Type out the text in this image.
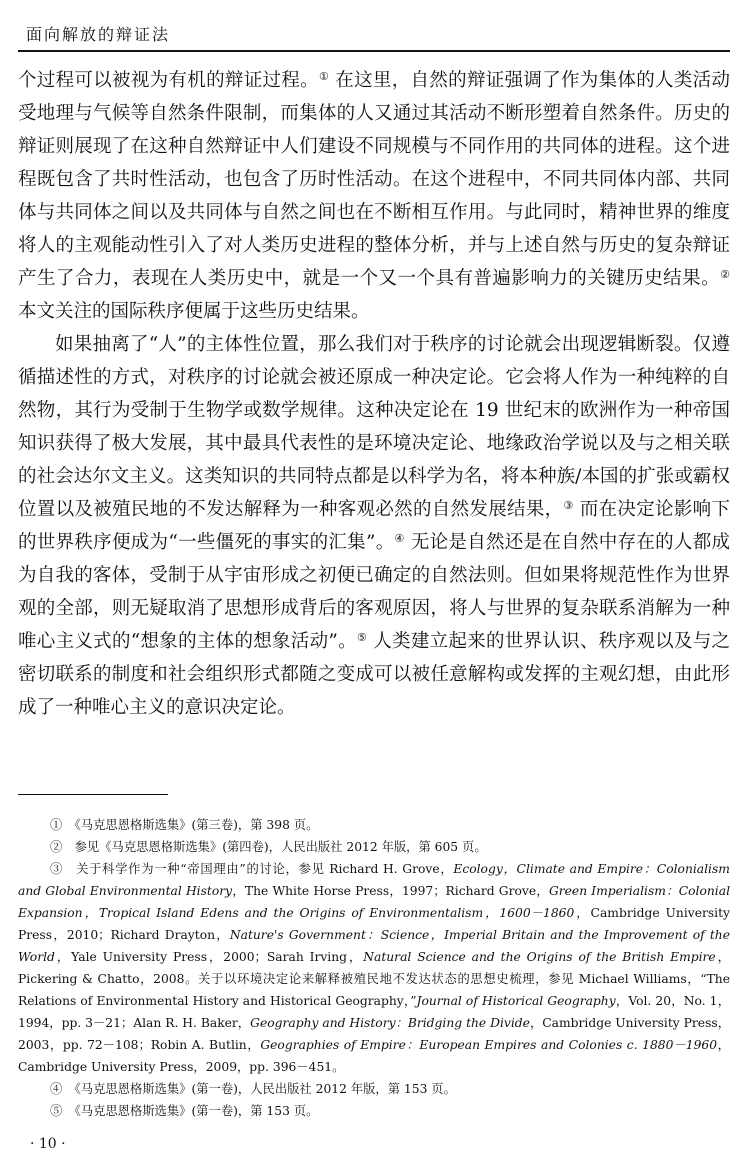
面向解放的辩证法

个过程可以被视为有机的辩证过程。① 在这里，自然的辩证强调了作为集体的人类活动受地理与气候等自然条件限制，而集体的人又通过其活动不断形塑着自然条件。历史的辩证则展现了在这种自然辩证中人们建设不同规模与不同作用的共同体的进程。这个进程既包含了共时性活动，也包含了历时性活动。在这个进程中，不同共同体内部、共同体与共同体之间以及共同体与自然之间也在不断相互作用。与此同时，精神世界的维度将人的主观能动性引入了对人类历史进程的整体分析，并与上述自然与历史的复杂辩证产生了合力，表现在人类历史中，就是一个又一个具有普遍影响力的关键历史结果。② 本文关注的国际秩序便属于这些历史结果。

如果抽离了“人”的主体性位置，那么我们对于秩序的讨论就会出现逻辑断裂。仅遵循描述性的方式，对秩序的讨论就会被还原成一种决定论。它会将人作为一种纯粹的自然物，其行为受制于生物学或数学规律。这种决定论在 19 世纪末的欧洲作为一种帝国知识获得了极大发展，其中最具代表性的是环境决定论、地缘政治学说以及与之相关联的社会达尔文主义。这类知识的共同特点都是以科学为名，将本种族/本国的扩张或霸权位置以及被殖民地的不发达解释为一种客观必然的自然发展结果，③ 而在决定论影响下的世界秩序便成为“一些僵死的事实的汇集”。④ 无论是自然还是在自然中存在的人都成为自我的客体，受制于从宇宙形成之初便已确定的自然法则。但如果将规范性作为世界观的全部，则无疑取消了思想形成背后的客观原因，将人与世界的复杂联系消解为一种唯心主义式的“想象的主体的想象活动”。⑤ 人类建立起来的世界认识、秩序观以及与之密切联系的制度和社会组织形式都随之变成可以被任意解构或发挥的主观幻想，由此形成了一种唯心主义的意识决定论。

①　 《马克思恩格斯选集》(第三卷)，第 398 页。

②　 参见《马克思恩格斯选集》(第四卷)，人民出版社 2012 年版，第 605 页。

③　 关于科学作为一种“帝国理由”的讨论，参见 Richard H. Grove，Ecology，Climate and Empire：Colonialism and Global Environmental History，The White Horse Press，1997；Richard Grove，Green Imperialism：Colonial Expansion，Tropical Island Edens and the Origins of Environmentalism，1600－1860，Cambridge University Press，2010；Richard Drayton，Nature's Government：Science，Imperial Britain and the Improvement of the World，Yale University Press，2000；Sarah Irving，Natural Science and the Origins of the British Empire，Pickering & Chatto，2008。关于以环境决定论来解释被殖民地不发达状态的思想史梳理，参见 Michael Williams，“The Relations of Environmental History and Historical Geography，”Journal of Historical Geography，Vol. 20，No. 1，1994，pp. 3－21；Alan R. H. Baker，Geography and History：Bridging the Divide，Cambridge University Press，2003，pp. 72－108；Robin A. Butlin，Geographies of Empire：European Empires and Colonies c. 1880－1960，Cambridge University Press，2009，pp. 396－451。

④　 《马克思恩格斯选集》(第一卷)，人民出版社 2012 年版，第 153 页。

⑤　 《马克思恩格斯选集》(第一卷)，第 153 页。

· 10 ·
